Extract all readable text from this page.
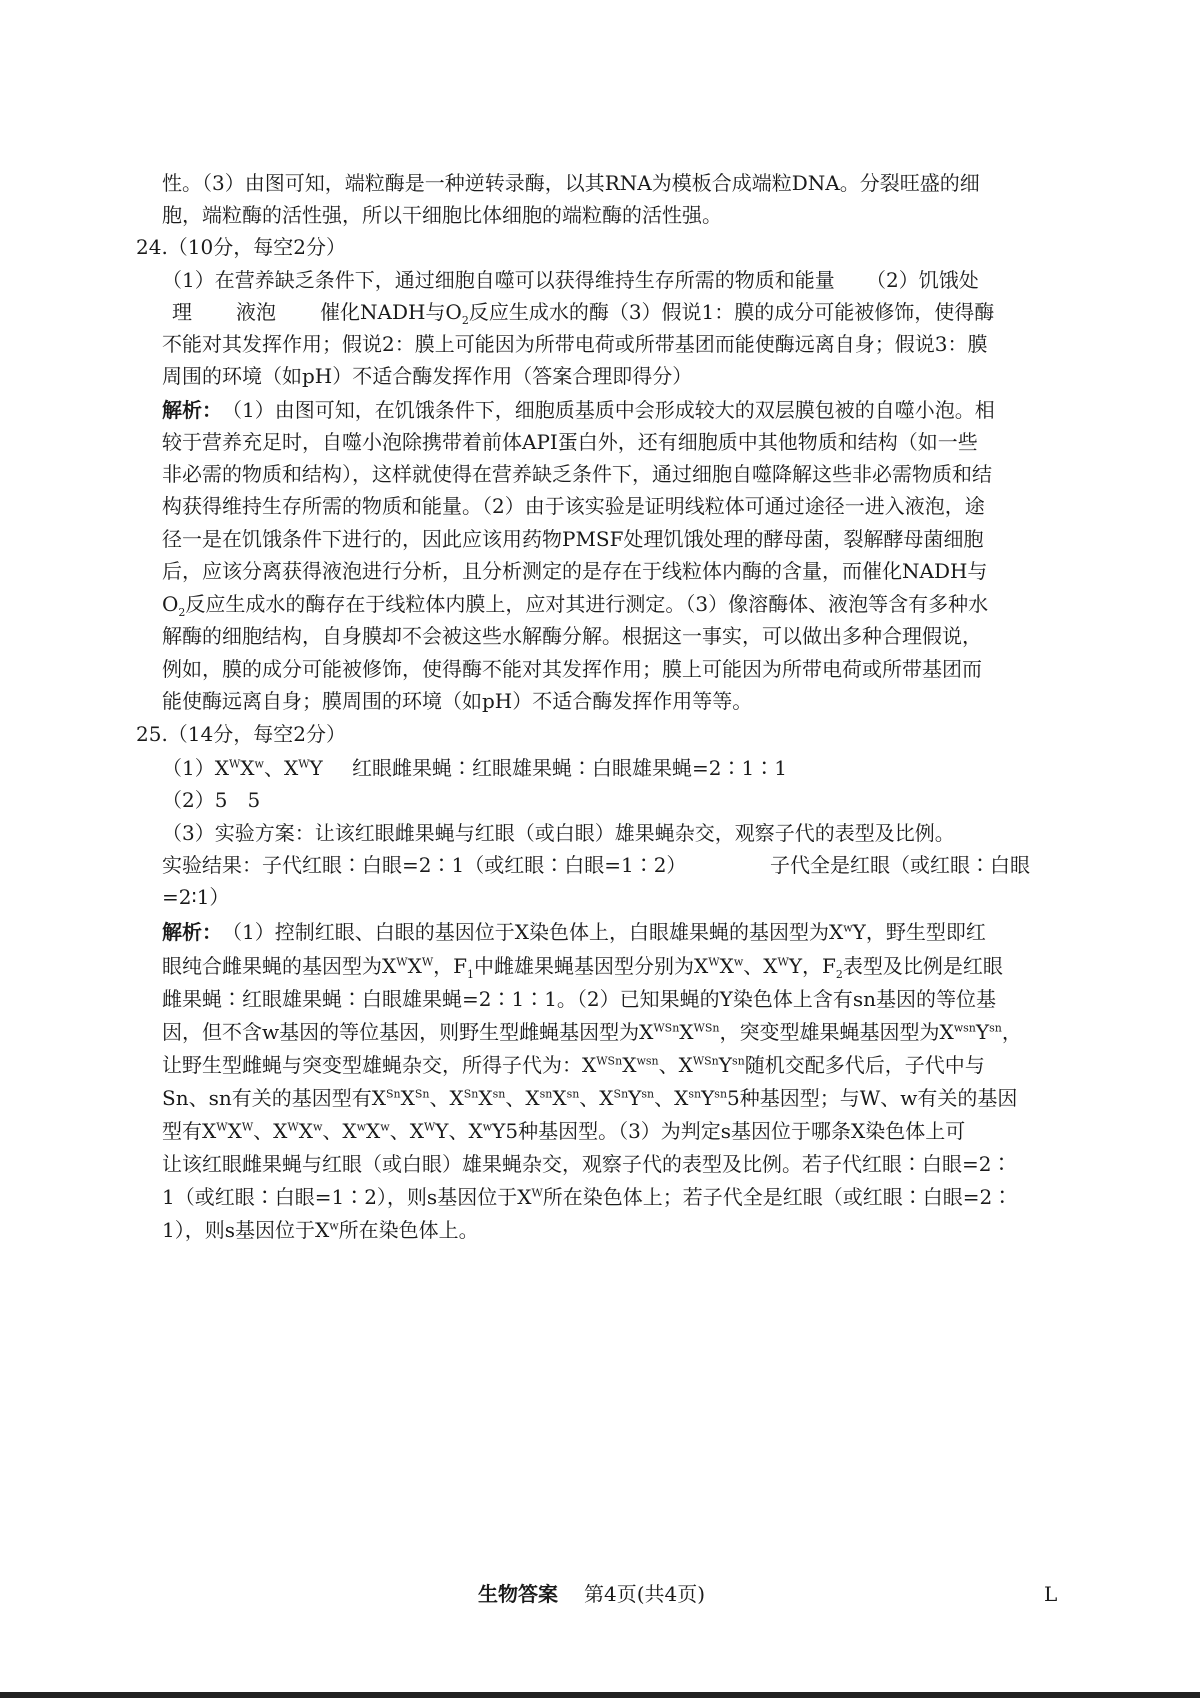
性。（3）由图可知，端粒酶是一种逆转录酶，以其RNA为模板合成端粒DNA。分裂旺盛的细
胞，端粒酶的活性强，所以干细胞比体细胞的端粒酶的活性强。
24.（10分，每空2分）
（1）在营养缺乏条件下，通过细胞自噬可以获得维持生存所需的物质和能量 （2）饥饿处
理 液泡 催化NADH与$O_2$反应生成水的酶（3）假说1：膜的成分可能被修饰，使得酶
不能对其发挥作用；假说2：膜上可能因为所带电荷或所带基团而能使酶远离自身；假说3：膜
周围的环境（如pH）不适合酶发挥作用（答案合理即得分）
解析： （1）由图可知，在饥饿条件下，细胞质基质中会形成较大的双层膜包被的自噬小泡。相
较于营养充足时，自噬小泡除携带着前体API蛋白外，还有细胞质中其他物质和结构（如一些
非必需的物质和结构），这样就使得在营养缺乏条件下，通过细胞自噬降解这些非必需物质和结
构获得维持生存所需的物质和能量。（2）由于该实验是证明线粒体可通过途径一进入液泡，途
径一是在饥饿条件下进行的，因此应该用药物PMSF处理饥饿处理的酵母菌，裂解酵母菌细胞
后，应该分离获得液泡进行分析，且分析测定的是存在于线粒体内酶的含量，而催化NADH与
$O_2$反应生成水的酶存在于线粒体内膜上，应对其进行测定。（3）像溶酶体、液泡等含有多种水
解酶的细胞结构，自身膜却不会被这些水解酶分解。根据这一事实，可以做出多种合理假说，
例如，膜的成分可能被修饰，使得酶不能对其发挥作用；膜上可能因为所带电荷或所带基团而
能使酶远离自身；膜周围的环境（如pH）不适合酶发挥作用等等。
25.（14分，每空2分）
$(1)X^WX^w$、$X^WY$ 红眼雌果蝇∶红眼雄果蝇∶白眼雄果蝇=2∶1∶1
（2）5　5
（3）实验方案：让该红眼雌果蝇与红眼（或白眼）雄果蝇杂交，观察子代的表型及比例。
实验结果：子代红眼∶白眼=2∶1（或红眼∶白眼=1∶2）	子代全是红眼（或红眼∶白眼
=2∶1）
解析： （1）控制红眼、白眼的基因位于X染色体上，白眼雄果蝇的基因型为$X^wY$，野生型即红
眼纯合雌果蝇的基因型为$X^WX^W$，$F_1$中雌雄果蝇基因型分别为$X^WX^w$、$X^WY$，$F_2$表型及比例是红眼
雌果蝇∶红眼雄果蝇∶白眼雄果蝇=2∶1∶1。（2）已知果蝇的Y染色体上含有sn基因的等位基
因，但不含w基因的等位基因，则野生型雌蝇基因型为$X^{WSn}X^{WSn}$，突变型雄果蝇基因型为$X^{wsn}Y^{sn}$，
让野生型雌蝇与突变型雄蝇杂交，所得子代为：$X^{WSn}X^{wsn}$、$X^{WSn}Y^{sn}$随机交配多代后，子代中与
Sn、sn有关的基因型有$X^{Sn}X^{Sn}$、$X^{Sn}X^{sn}$、$X^{sn}X^{sn}$、$X^{Sn}Y^{sn}$、$X^{sn}Y^{sn}5$种基因型；与W、w有关的基因
型有$X^WX^W$、$X^WX^w$、$X^wX^w$、$X^WY$、$X^wY5$种基因型。（3）为判定s基因位于哪条X染色体上可
让该红眼雌果蝇与红眼（或白眼）雄果蝇杂交，观察子代的表型及比例。若子代红眼∶白眼=2∶
1（或红眼∶白眼=1∶2），则s基因位于$X^W$所在染色体上；若子代全是红眼（或红眼∶白眼=2∶
1），则s基因位于$X^w$所在染色体上。
生物答案 第4页(共4页)	L
